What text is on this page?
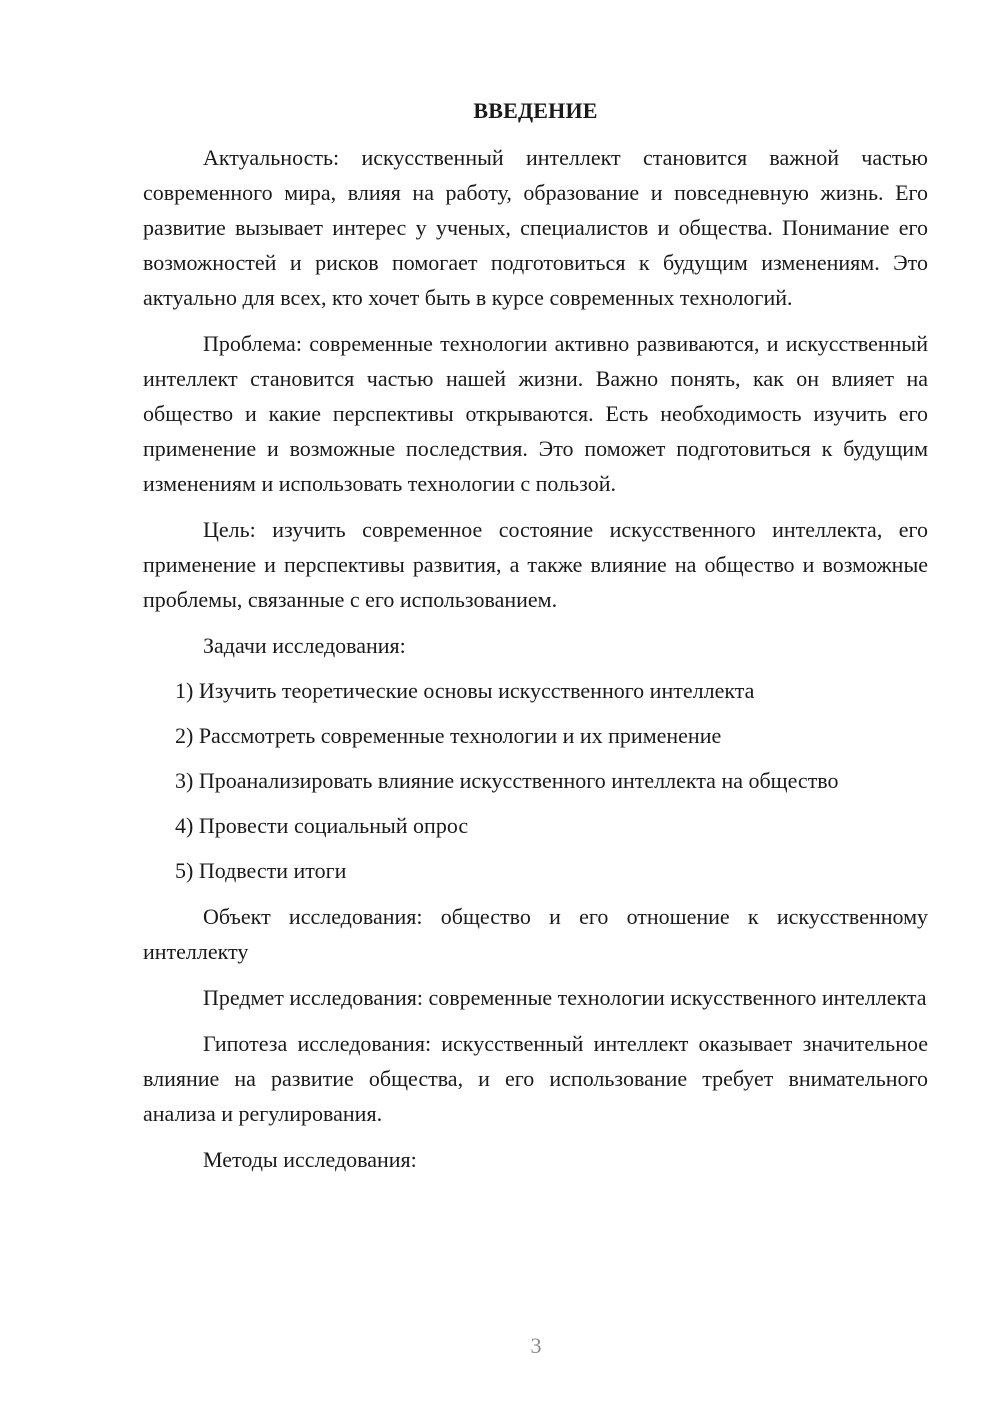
ВВЕДЕНИЕ

Актуальность: искусственный интеллект становится важной частью современного мира, влияя на работу, образование и повседневную жизнь. Его развитие вызывает интерес у ученых, специалистов и общества. Понимание его возможностей и рисков помогает подготовиться к будущим изменениям. Это актуально для всех, кто хочет быть в курсе современных технологий.

Проблема: современные технологии активно развиваются, и искусственный интеллект становится частью нашей жизни. Важно понять, как он влияет на общество и какие перспективы открываются. Есть необходимость изучить его применение и возможные последствия. Это поможет подготовиться к будущим изменениям и использовать технологии с пользой.

Цель: изучить современное состояние искусственного интеллекта, его применение и перспективы развития, а также влияние на общество и возможные проблемы, связанные с его использованием.

Задачи исследования:

1) Изучить теоретические основы искусственного интеллекта
2) Рассмотреть современные технологии и их применение
3) Проанализировать влияние искусственного интеллекта на общество
4) Провести социальный опрос
5) Подвести итоги

Объект исследования: общество и его отношение к искусственному интеллекту

Предмет исследования: современные технологии искусственного интеллекта

Гипотеза исследования: искусственный интеллект оказывает значительное влияние на развитие общества, и его использование требует внимательного анализа и регулирования.

Методы исследования:

3
